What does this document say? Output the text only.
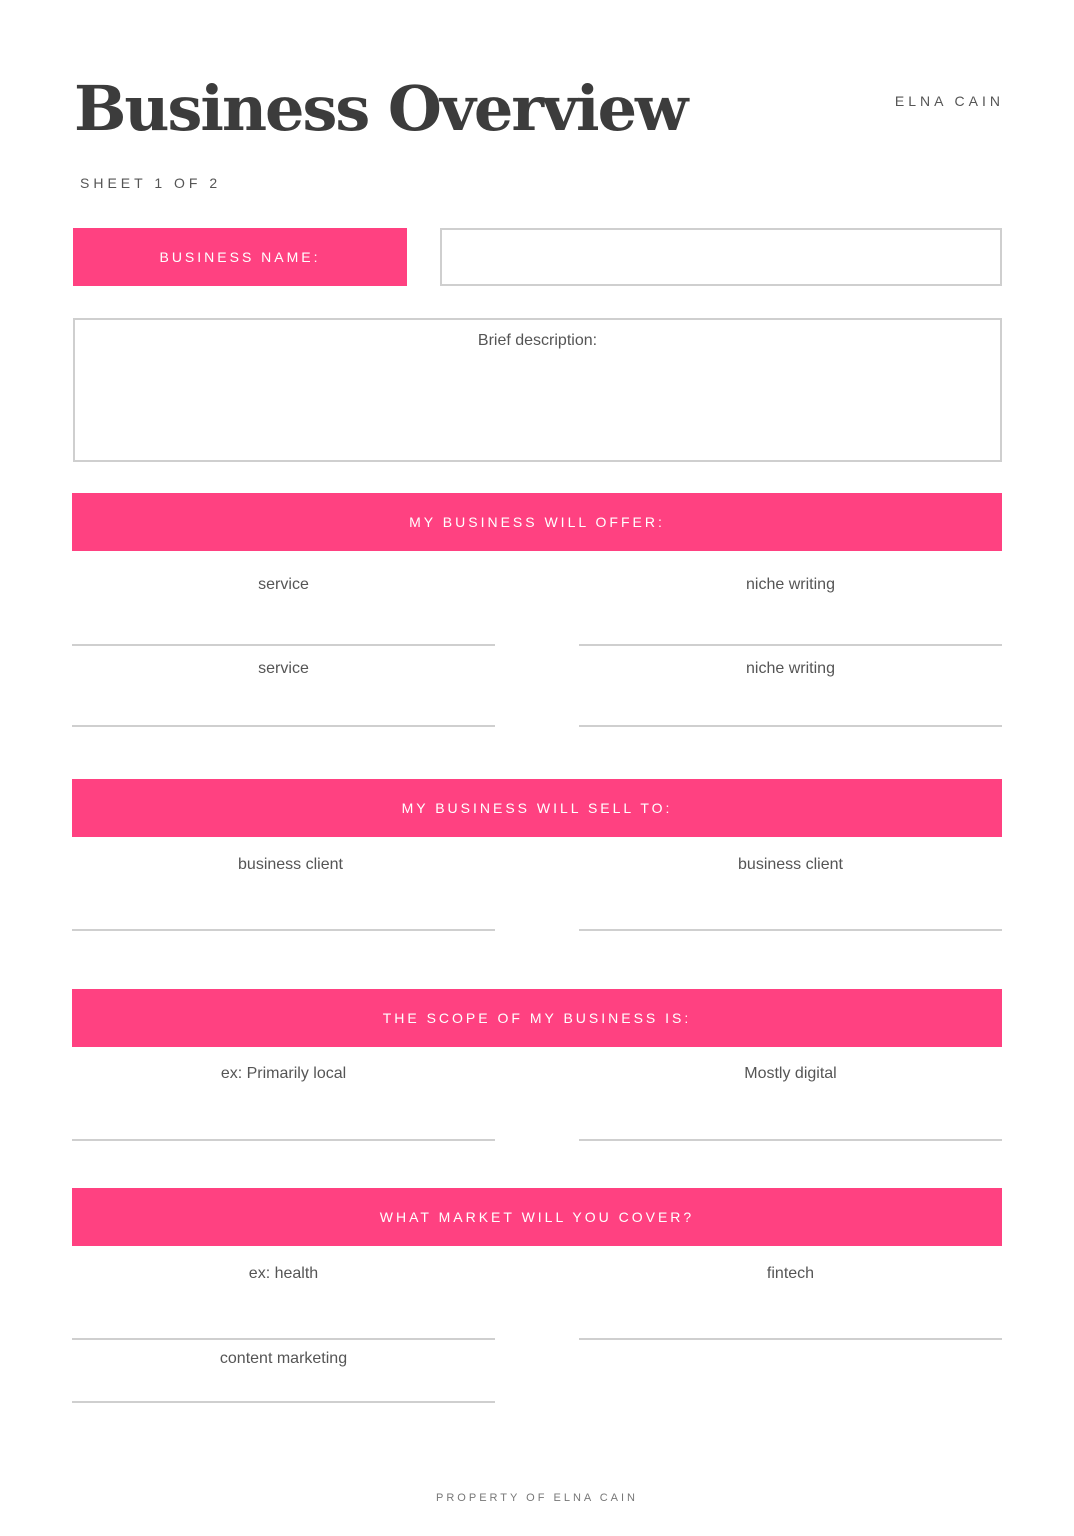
Business Overview	ELNA CAIN
SHEET 1 OF 2
BUSINESS NAME:
Brief description:
MY BUSINESS WILL OFFER:
service	niche writing
service	niche writing
MY BUSINESS WILL SELL TO:
business client	business client
THE SCOPE OF MY BUSINESS IS:
ex: Primarily local	Mostly digital
WHAT MARKET WILL YOU COVER?
ex: health	fintech
content marketing
PROPERTY OF ELNA CAIN
